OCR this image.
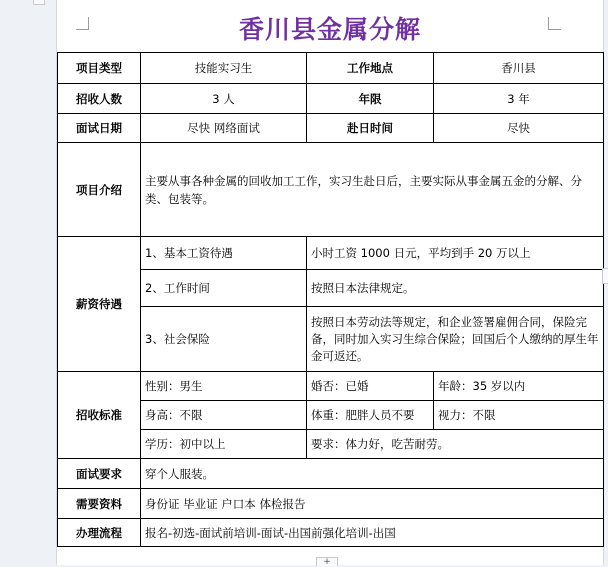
香川县金属分解
项目类型	技能实习生	工作地点	香川县
招收人数	3 人	年限	3 年
面试日期	尽快 网络面试	赴日时间	尽快
项目介绍	主要从事各种金属的回收加工工作，实习生赴日后，主要实际从事金属五金的分解、分类、包装等。		
薪资待遇	1、基本工资待遇	小时工资 1000 日元，平均到手 20 万以上	
	2、工作时间	按照日本法律规定。	
	3、社会保险	按照日本劳动法等规定，和企业签署雇佣合同，保险完备，同时加入实习生综合保险；回国后个人缴纳的厚生年金可返还。	
招收标准	性别：男生	婚否：已婚	年龄：35 岁以内
	身高：不限	体重：肥胖人员不要	视力：不限
	学历：初中以上	要求：体力好，吃苦耐劳。	
面试要求	穿个人服装。		
需要资料	身份证 毕业证 户口本 体检报告		
办理流程	报名-初选-面试前培训-面试-出国前强化培训-出国		
+
